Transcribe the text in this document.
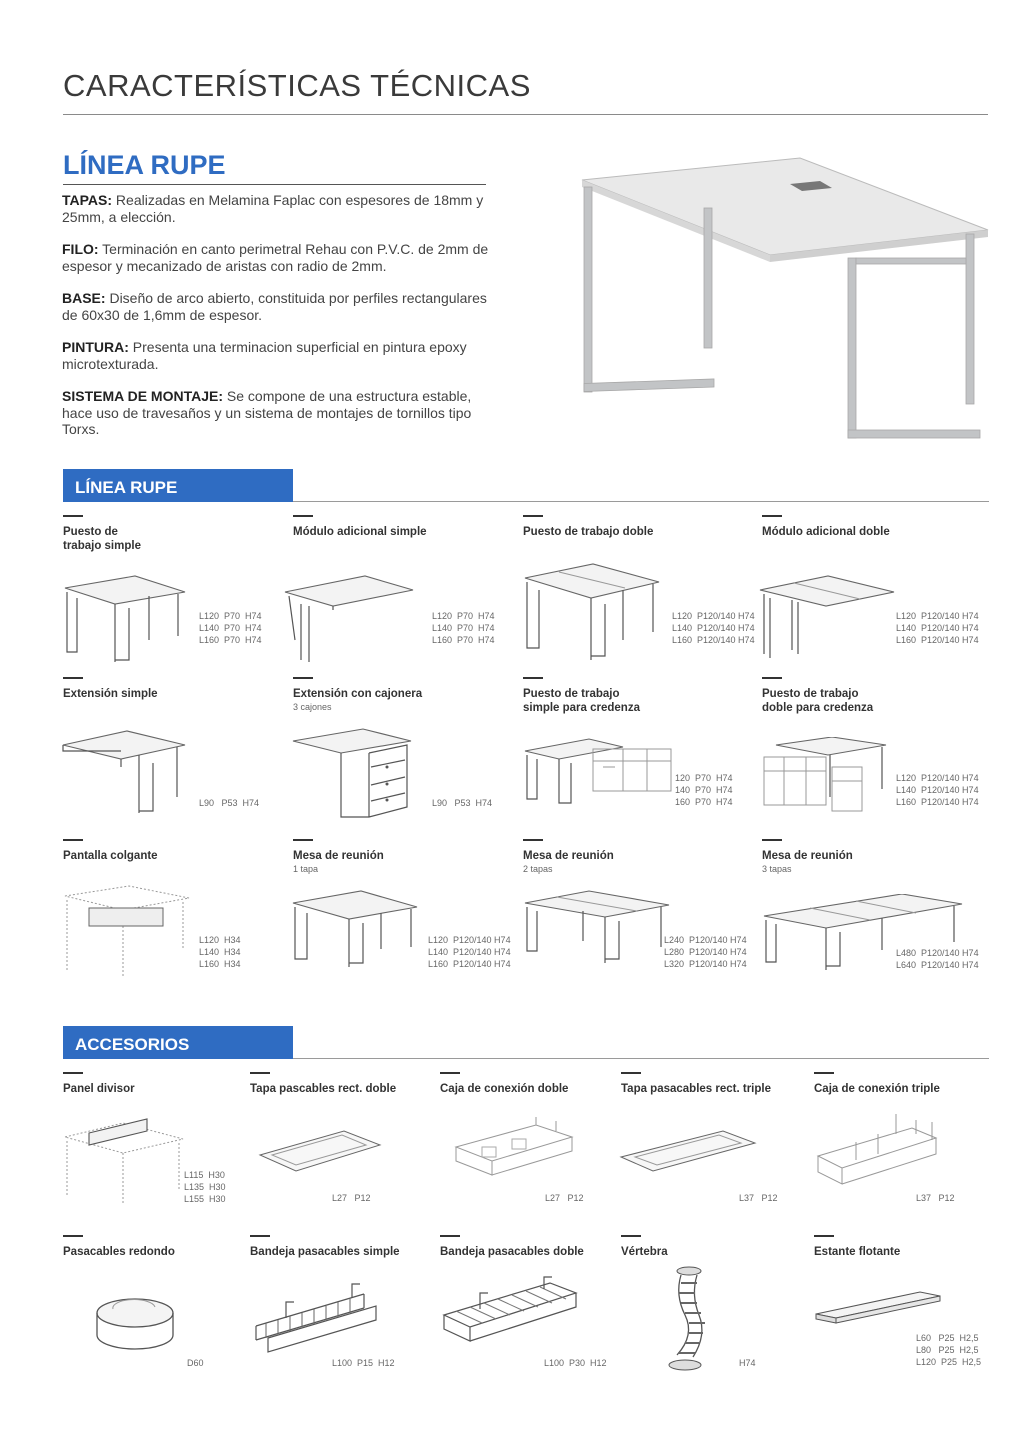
CARACTERÍSTICAS TÉCNICAS
LÍNEA RUPE

TAPAS: Realizadas en Melamina Faplac con espesores de 18mm y 25mm, a elección.

FILO: Terminación en canto perimetral Rehau con P.V.C. de 2mm de espesor y mecanizado de aristas con radio de 2mm.

BASE: Diseño de arco abierto, constituida por perfiles rectangulares de 60x30 de 1,6mm de espesor.

PINTURA: Presenta una terminacion superficial en pintura epoxy microtexturada.

SISTEMA DE MONTAJE: Se compone de una estructura estable, hace uso de travesaños y un sistema de montajes de tornillos tipo Torxs.

LÍNEA RUPE
Puesto de
trabajo simple
L120  P70  H74
L140  P70  H74
L160  P70  H74
Módulo adicional simple
L120  P70  H74
L140  P70  H74
L160  P70  H74
Puesto de trabajo doble
L120  P120/140 H74
L140  P120/140 H74
L160  P120/140 H74
Módulo adicional doble
L120  P120/140 H74
L140  P120/140 H74
L160  P120/140 H74
Extensión simple
L90   P53  H74
Extensión con cajonera
3 cajones
L90   P53  H74
Puesto de trabajo
simple para credenza
120  P70  H74
140  P70  H74
160  P70  H74
Puesto de trabajo
doble para credenza
L120  P120/140 H74
L140  P120/140 H74
L160  P120/140 H74
Pantalla colgante
L120  H34
L140  H34
L160  H34
Mesa de reunión
1 tapa
L120  P120/140 H74
L140  P120/140 H74
L160  P120/140 H74
Mesa de reunión
2 tapas
L240  P120/140 H74
L280  P120/140 H74
L320  P120/140 H74
Mesa de reunión
3 tapas
L480  P120/140 H74
L640  P120/140 H74
ACCESORIOS
Panel divisor
L115  H30
L135  H30
L155  H30
Tapa pascables rect. doble
L27   P12
Caja de conexión doble
L27   P12
Tapa pasacables rect. triple
L37   P12
Caja de conexión triple
L37   P12
Pasacables redondo
D60
Bandeja pasacables simple
L100  P15  H12
Bandeja pasacables doble
L100  P30  H12
Vértebra
H74
Estante flotante
L60   P25  H2,5
L80   P25  H2,5
L120  P25  H2,5
